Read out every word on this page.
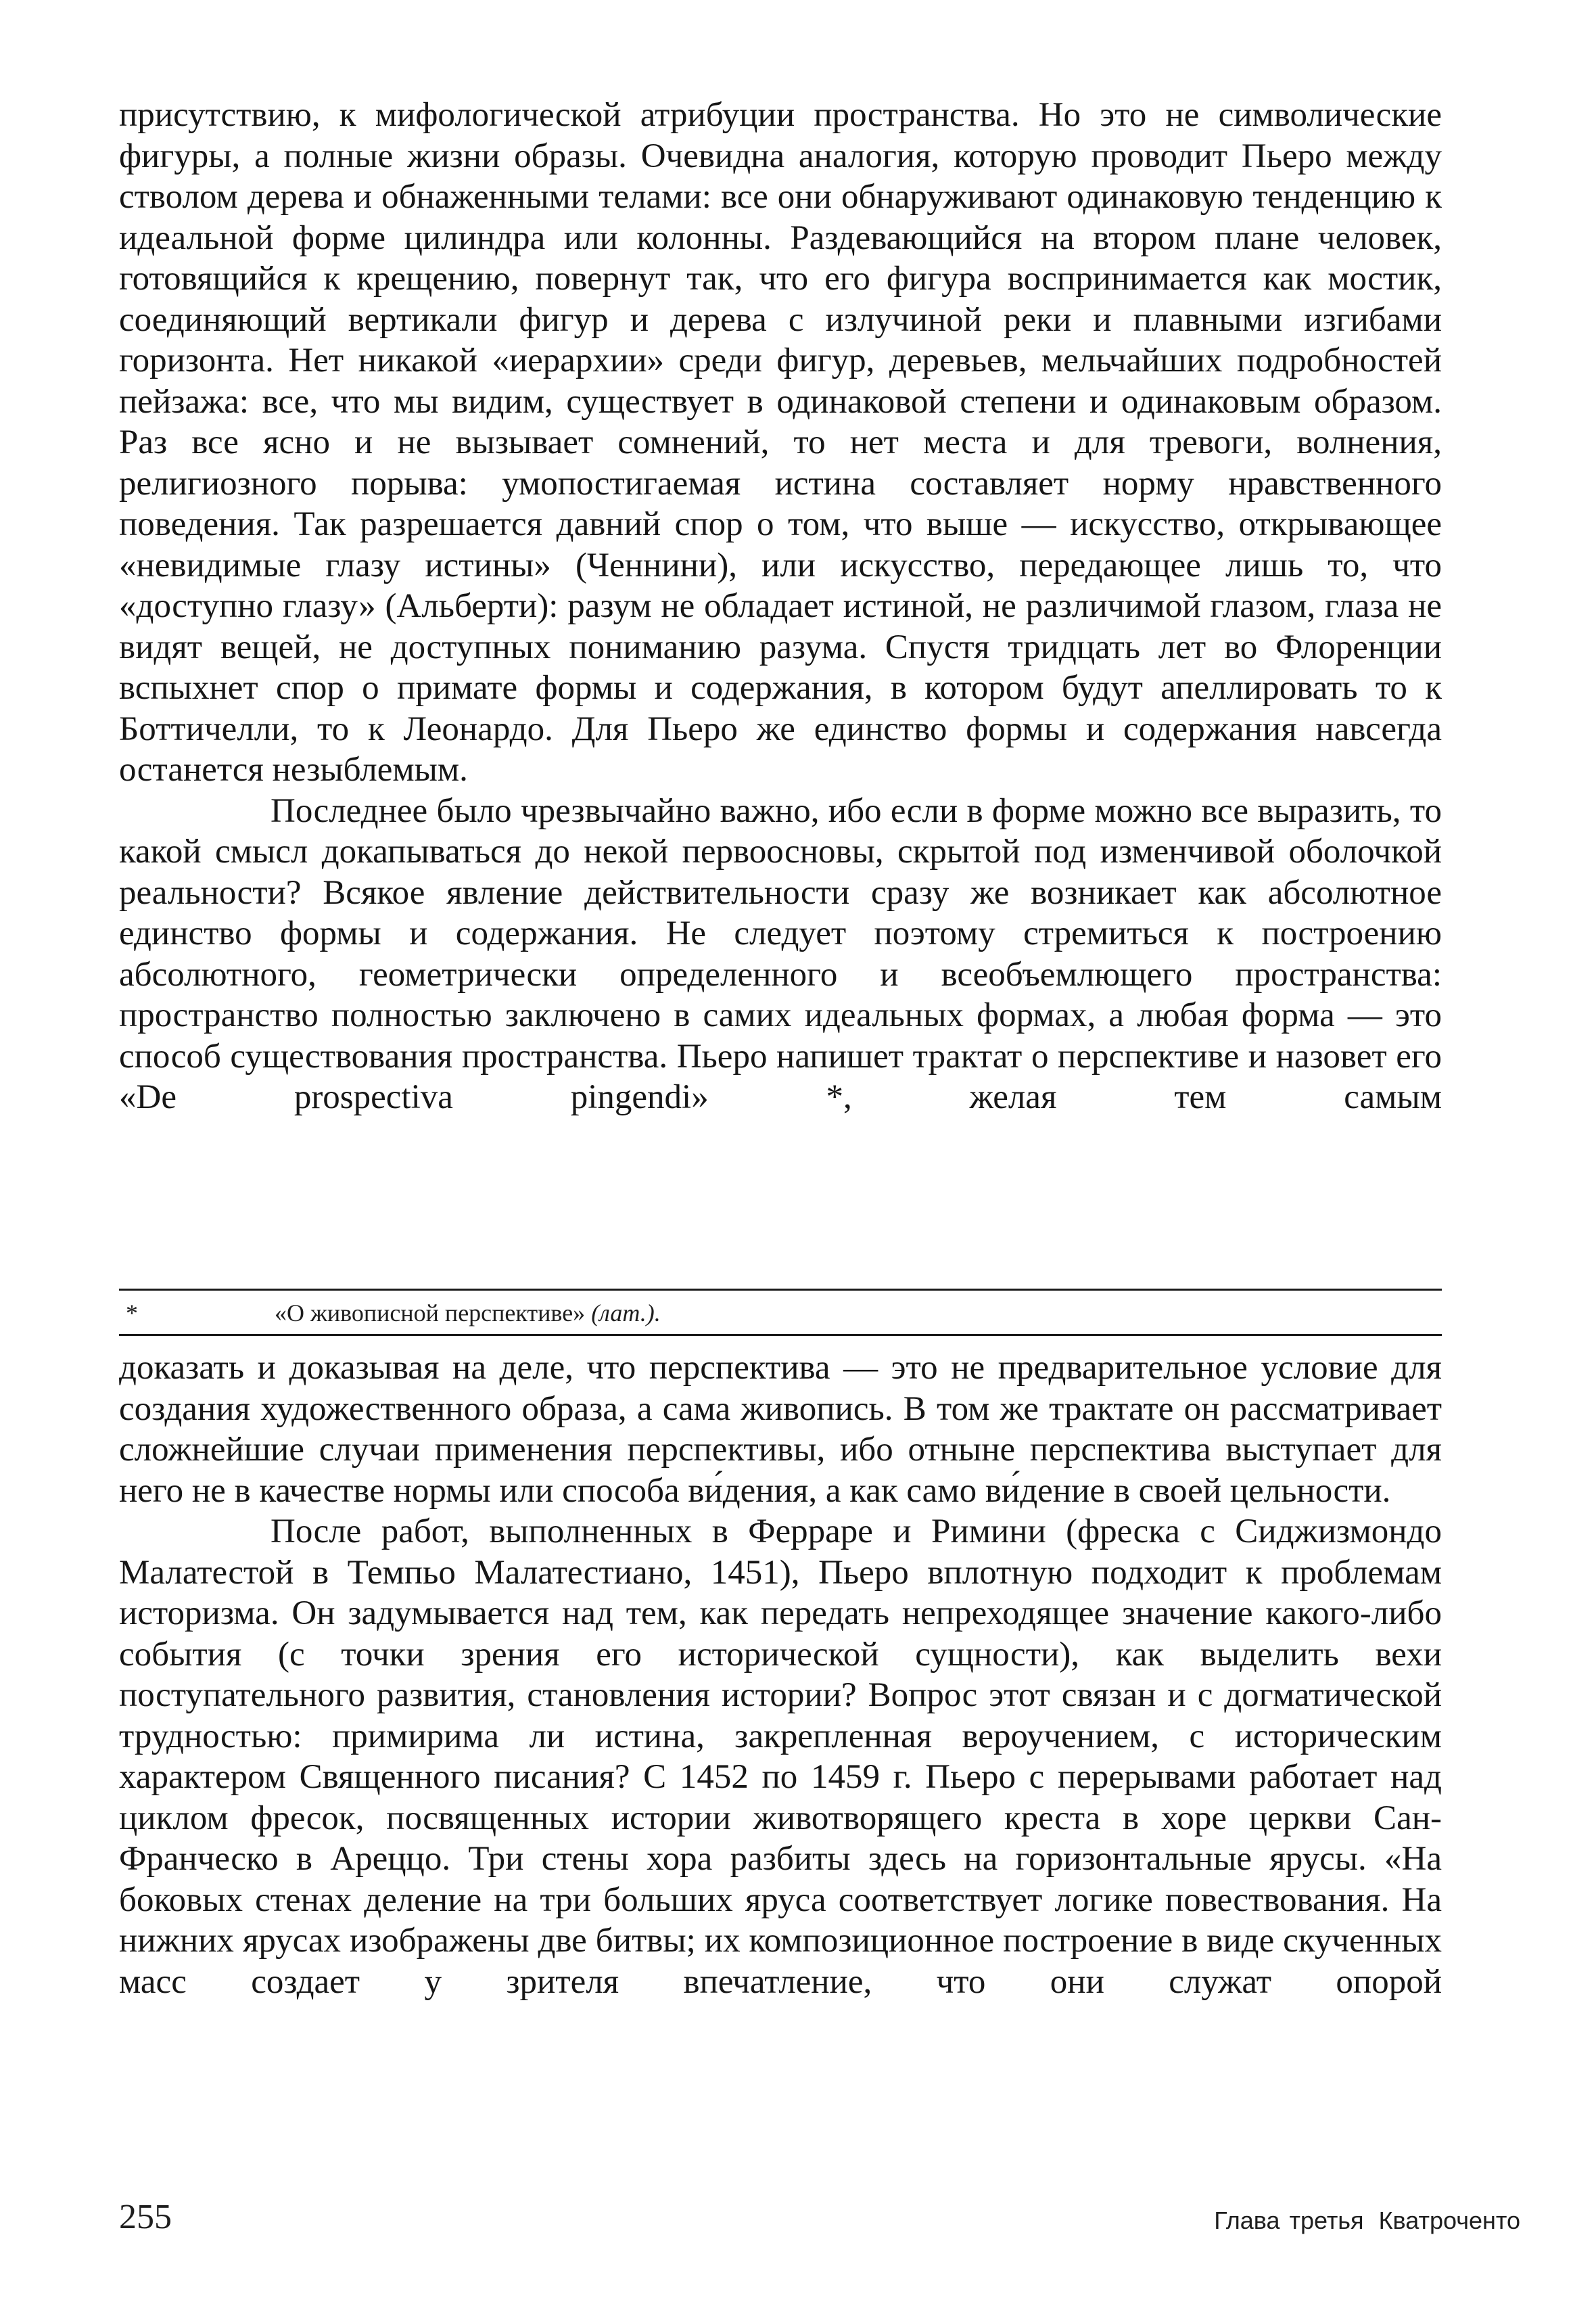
присутствию, к мифологической атрибуции пространства. Но это не символические фигуры, а полные жизни образы. Очевидна аналогия, которую проводит Пьеро между стволом дерева и обнаженными телами: все они обнаруживают одинаковую тенденцию к идеальной форме цилиндра или колонны. Раздевающийся на втором плане человек, готовящийся к крещению, повернут так, что его фигура воспринимается как мостик, соединяющий вертикали фигур и дерева с излучиной реки и плавными изгибами горизонта. Нет никакой «иерархии» среди фигур, деревьев, мельчайших подробностей пейзажа: все, что мы видим, существует в одинаковой степени и одинаковым образом. Раз все ясно и не вызывает сомнений, то нет места и для тревоги, волнения, религиозного порыва: умопостигаемая истина составляет норму нравственного поведения. Так разрешается давний спор о том, что выше — искусство, открывающее «невидимые глазу истины» (Ченнини), или искусство, передающее лишь то, что «доступно глазу» (Альберти): разум не обладает истиной, не различимой глазом, глаза не видят вещей, не доступных пониманию разума. Спустя тридцать лет во Флоренции вспыхнет спор о примате формы и содержания, в котором будут апеллировать то к Боттичелли, то к Леонардо. Для Пьеро же единство формы и содержания навсегда останется незыблемым.

Последнее было чрезвычайно важно, ибо если в форме можно все выразить, то какой смысл докапываться до некой первоосновы, скрытой под изменчивой оболочкой реальности? Всякое явление действительности сразу же возникает как абсолютное единство формы и содержания. Не следует поэтому стремиться к построению абсолютного, геометрически определенного и всеобъемлющего пространства: пространство полностью заключено в самих идеальных формах, а любая форма — это способ существования пространства. Пьеро напишет трактат о перспективе и назовет его «De prospectiva pingendi» *, желая тем самым

*	«О живописной перспективе» (лат.).

доказать и доказывая на деле, что перспектива — это не предварительное условие для создания художественного образа, а сама живопись. В том же трактате он рассматривает сложнейшие случаи применения перспективы, ибо отныне перспектива выступает для него не в качестве нормы или способа ви́дения, а как само ви́дение в своей цельности.

После работ, выполненных в Ферраре и Римини (фреска с Сиджизмондо Малатестой в Темпьо Малатестиано, 1451), Пьеро вплотную подходит к проблемам историзма. Он задумывается над тем, как передать непреходящее значение какого-либо события (с точки зрения его исторической сущности), как выделить вехи поступательного развития, становления истории? Вопрос этот связан и с догматической трудностью: примирима ли истина, закрепленная вероучением, с историческим характером Священного писания? С 1452 по 1459 г. Пьеро с перерывами работает над циклом фресок, посвященных истории животворящего креста в хоре церкви Сан-Франческо в Ареццо. Три стены хора разбиты здесь на горизонтальные ярусы. «На боковых стенах деление на три больших яруса соответствует логике повествования. На нижних ярусах изображены две битвы; их композиционное построение в виде скученных масс создает у зрителя впечатление, что они служат опорой

255	Глава третья Кватроченто
